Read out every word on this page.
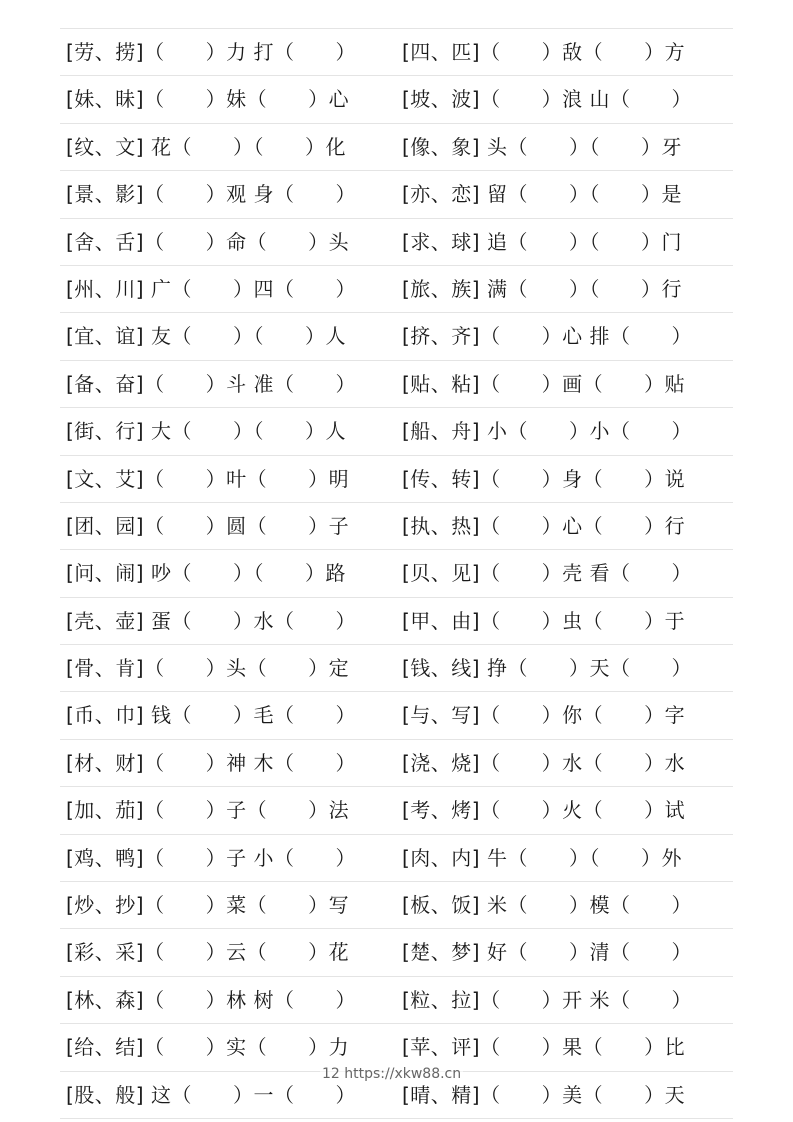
[劳、捞]（　　）力 打（　　） [四、匹]（　　）敌（　　）方
[妹、昧]（　　）妹（　　）心	[坡、波]（　　）浪 山（　　）
[纹、文] 花（　　）（　　）化	[像、象] 头（　　）（　　）牙
[景、影]（　　）观 身（　　） [亦、恋] 留（　　）（　　）是
[舍、舌]（　　）命（　　）头	[求、球] 追（　　）（　　）门
[州、川] 广（　　）四（　　） [旅、族] 满（　　）（　　）行
[宜、谊] 友（　　）（　　）人	[挤、齐]（　　）心 排（　　）
[备、奋]（　　）斗 准（　　） [贴、粘]（　　）画（　　）贴
[街、行] 大（　　）（　　）人	[船、舟] 小（　　）小（　　）
[文、艾]（　　）叶（　　）明	[传、转]（　　）身（　　）说
[团、园]（　　）圆（　　）子	[执、热]（　　）心（　　）行
[问、闹] 吵（　　）（　　）路	[贝、见]（　　）壳 看（　　）
[壳、壶] 蛋（　　）水（　　） [甲、由]（　　）虫（　　）于
[骨、肯]（　　）头（　　）定	[钱、线] 挣（　　）天（　　）
[币、巾] 钱（　　）毛（　　） [与、写]（　　）你（　　）字
[材、财]（　　）神 木（　　） [浇、烧]（　　）水（　　）水
[加、茄]（　　）子（　　）法	[考、烤]（　　）火（　　）试
[鸡、鸭]（　　）子 小（　　） [肉、内] 牛（　　）（　　）外
[炒、抄]（　　）菜（　　）写	[板、饭] 米（　　）模（　　）
[彩、采]（　　）云（　　）花	[楚、梦] 好（　　）清（　　）
[林、森]（　　）林 树（　　） [粒、拉]（　　）开 米（　　）
[给、结]（　　）实（　　）力	[苹、评]（　　）果（　　）比
[股、般] 这（　　）一（　　） [晴、精]（　　）美（　　）天
12 https://xkw88.cn
